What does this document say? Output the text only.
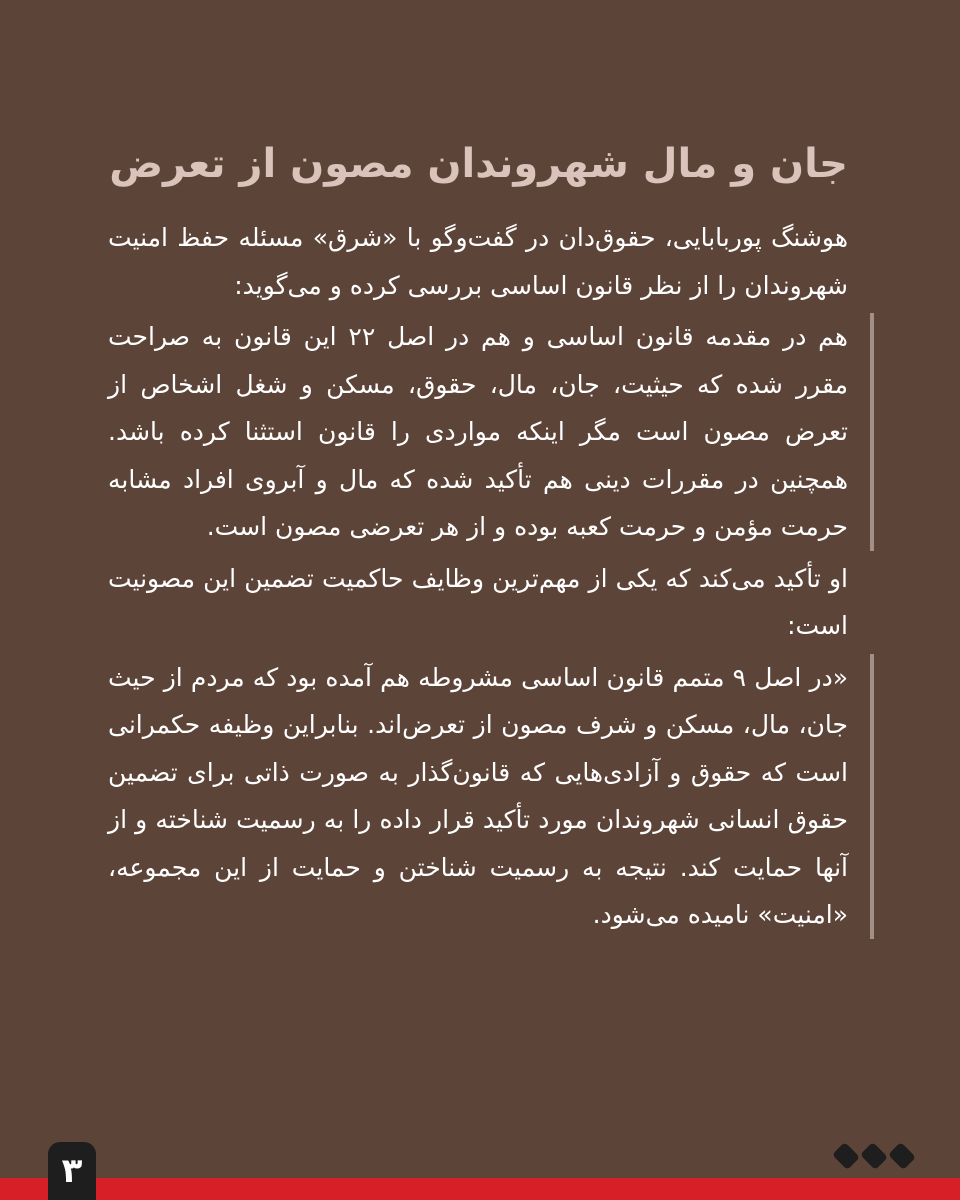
جان و مال شهروندان مصون از تعرض

هوشنگ پوربابایی، حقوق‌دان در گفت‌وگو با «شرق» مسئله حفظ امنیت شهروندان را از نظر قانون اساسی بررسی کرده و می‌گوید:

هم در مقدمه قانون اساسی و هم در اصل ۲۲ این قانون به صراحت مقرر شده که حیثیت، جان، مال، حقوق، مسکن و شغل اشخاص از تعرض مصون است مگر اینکه مواردی را قانون استثنا کرده باشد. همچنین در مقررات دینی هم تأکید شده که مال و آبروی افراد مشابه حرمت مؤمن و حرمت کعبه بوده و از هر تعرضی مصون است.

او تأکید می‌کند که یکی از مهم‌ترین وظایف حاکمیت تضمین این مصونیت است:

«در اصل ۹ متمم قانون اساسی مشروطه هم آمده بود که مردم از حیث جان، مال، مسکن و شرف مصون از تعرض‌اند. بنابراین وظیفه حکمرانی است که حقوق و آزادی‌هایی که قانون‌گذار به صورت ذاتی برای تضمین حقوق انسانی شهروندان مورد تأکید قرار داده را به رسمیت شناخته و از آنها حمایت کند. نتیجه به رسمیت شناختن و حمایت از این مجموعه، «امنیت» نامیده می‌شود.
۳
